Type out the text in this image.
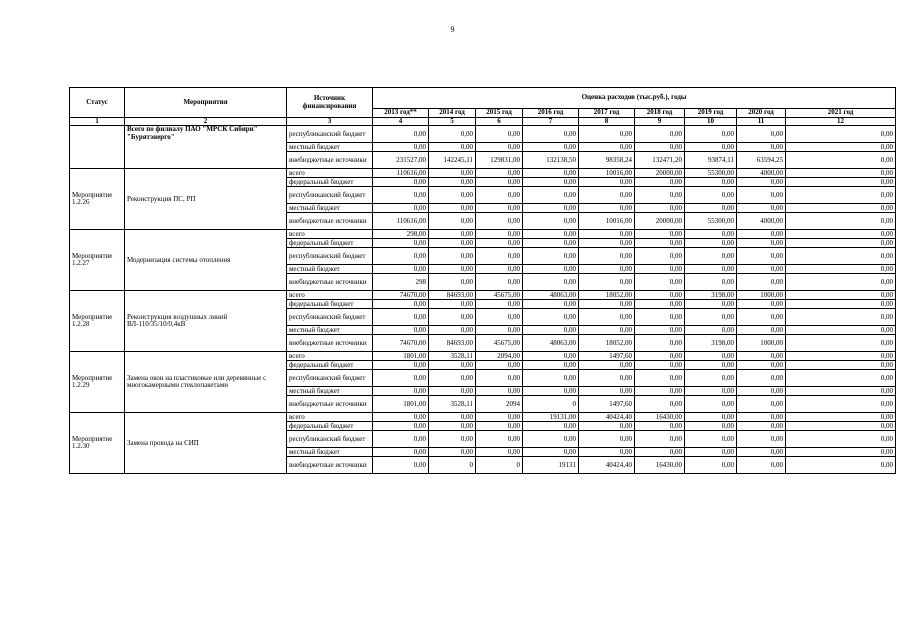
9
Статус	Мероприятия	Источник финансирования	Оценка расходов (тыс.руб.), годы								
			2013 год**	2014 год	2015 год	2016 год	2017 год	2018 год	2019 год	2020 год	2021 год
1	2	3	4	5	6	7	8	9	10	11	12
	Всего по филиалу ПАО "МРСК Сибири" "Бурятэнерго"	республиканский бюджет	0,00	0,00	0,00	0,00	0,00	0,00	0,00	0,00	0,00
		местный бюджет	0,00	0,00	0,00	0,00	0,00	0,00	0,00	0,00	0,00
		внебюджетные источники	231527,00	142245,11	129831,00	132138,50	98358,24	132471,20	93874,11	63594,25	0,00
Мероприятие 1.2.26	Реконструкция ПС, РП	всего	110616,00	0,00	0,00	0,00	10016,00	20000,00	55300,00	4000,00	0,00
		федеральный бюджет	0,00	0,00	0,00	0,00	0,00	0,00	0,00	0,00	0,00
		республиканский бюджет	0,00	0,00	0,00	0,00	0,00	0,00	0,00	0,00	0,00
		местный бюджет	0,00	0,00	0,00	0,00	0,00	0,00	0,00	0,00	0,00
		внебюджетные источники	110616,00	0,00	0,00	0,00	10016,00	20000,00	55300,00	4000,00	0,00
Мероприятие 1.2.27	Модернизация системы отопления	всего	298,00	0,00	0,00	0,00	0,00	0,00	0,00	0,00	0,00
		федеральный бюджет	0,00	0,00	0,00	0,00	0,00	0,00	0,00	0,00	0,00
		республиканский бюджет	0,00	0,00	0,00	0,00	0,00	0,00	0,00	0,00	0,00
		местный бюджет	0,00	0,00	0,00	0,00	0,00	0,00	0,00	0,00	0,00
		внебюджетные источники	298	0,00	0,00	0,00	0,00	0,00	0,00	0,00	0,00
Мероприятие 1.2.28	Реконструкция воздушных линий ВЛ-110/35/10/0,4кВ	всего	74670,00	84693,00	45675,00	48063,00	18052,00	0,00	3198,00	1000,00	0,00
		федеральный бюджет	0,00	0,00	0,00	0,00	0,00	0,00	0,00	0,00	0,00
		республиканский бюджет	0,00	0,00	0,00	0,00	0,00	0,00	0,00	0,00	0,00
		местный бюджет	0,00	0,00	0,00	0,00	0,00	0,00	0,00	0,00	0,00
		внебюджетные источники	74670,00	84693,00	45675,00	48063,00	18052,00	0,00	3198,00	1000,00	0,00
Мероприятие 1.2.29	Замена окон на пластиковые или деревянные с многокамерными стеклопакетами	всего	1801,00	3528,11	2094,00	0,00	1497,60	0,00	0,00	0,00	0,00
		федеральный бюджет	0,00	0,00	0,00	0,00	0,00	0,00	0,00	0,00	0,00
		республиканский бюджет	0,00	0,00	0,00	0,00	0,00	0,00	0,00	0,00	0,00
		местный бюджет	0,00	0,00	0,00	0,00	0,00	0,00	0,00	0,00	0,00
		внебюджетные источники	1801,00	3528,11	2094	0	1497,60	0,00	0,00	0,00	0,00
Мероприятие 1.2.30	Замена провода на СИП	всего	0,00	0,00	0,00	19131,00	40424,40	16430,00	0,00	0,00	0,00
		федеральный бюджет	0,00	0,00	0,00	0,00	0,00	0,00	0,00	0,00	0,00
		республиканский бюджет	0,00	0,00	0,00	0,00	0,00	0,00	0,00	0,00	0,00
		местный бюджет	0,00	0,00	0,00	0,00	0,00	0,00	0,00	0,00	0,00
		внебюджетные источники	0,00	0	0	19131	40424,40	16430,00	0,00	0,00	0,00
